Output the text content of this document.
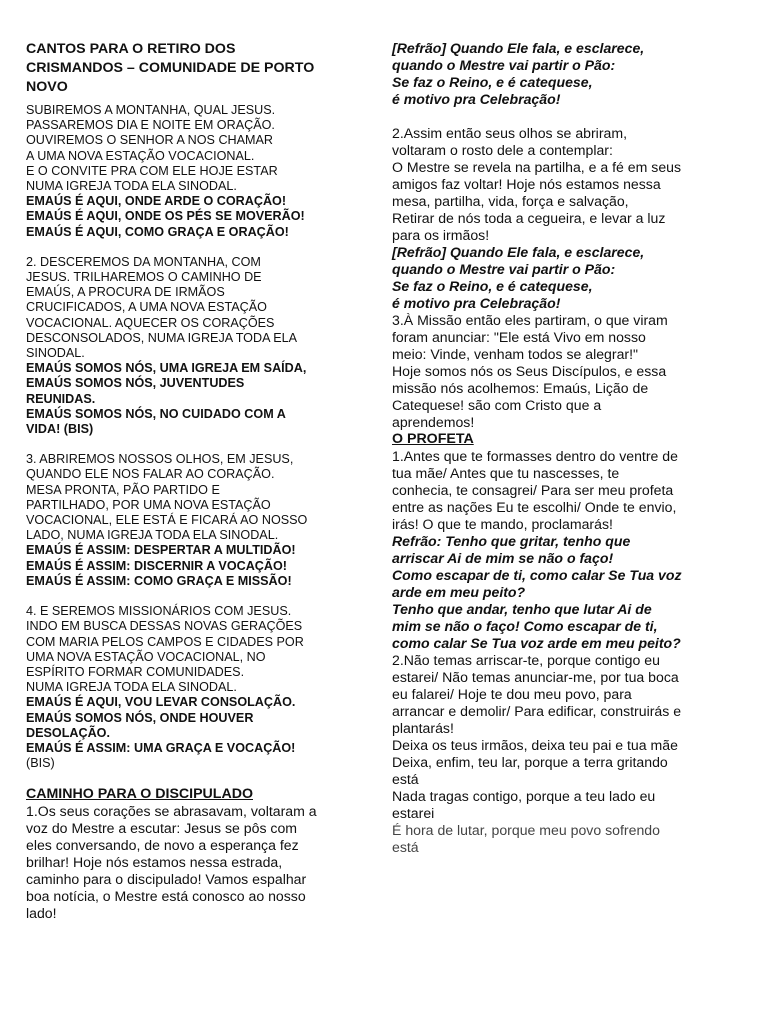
CANTOS PARA O RETIRO DOS
CRISMANDOS – COMUNIDADE DE PORTO
NOVO
SUBIREMOS A MONTANHA, QUAL JESUS.
PASSAREMOS DIA E NOITE EM ORAÇÃO.
OUVIREMOS O SENHOR A NOS CHAMAR
A UMA NOVA ESTAÇÃO VOCACIONAL.
E O CONVITE PRA COM ELE HOJE ESTAR
NUMA IGREJA TODA ELA SINODAL.
EMAÚS É AQUI, ONDE ARDE O CORAÇÃO!
EMAÚS É AQUI, ONDE OS PÉS SE MOVERÃO!
EMAÚS É AQUI, COMO GRAÇA E ORAÇÃO!
2. DESCEREMOS DA MONTANHA, COM
JESUS. TRILHAREMOS O CAMINHO DE
EMAÚS, A PROCURA DE IRMÃOS
CRUCIFICADOS, A UMA NOVA ESTAÇÃO
VOCACIONAL. AQUECER OS CORAÇÕES
DESCONSOLADOS, NUMA IGREJA TODA ELA
SINODAL.
EMAÚS SOMOS NÓS, UMA IGREJA EM SAÍDA,
EMAÚS SOMOS NÓS, JUVENTUDES
REUNIDAS.
EMAÚS SOMOS NÓS, NO CUIDADO COM A
VIDA! (BIS)
3. ABRIREMOS NOSSOS OLHOS, EM JESUS,
QUANDO ELE NOS FALAR AO CORAÇÃO.
MESA PRONTA, PÃO PARTIDO E
PARTILHADO, POR UMA NOVA ESTAÇÃO
VOCACIONAL, ELE ESTÁ E FICARÁ AO NOSSO
LADO, NUMA IGREJA TODA ELA SINODAL.
EMAÚS É ASSIM: DESPERTAR A MULTIDÃO!
EMAÚS É ASSIM: DISCERNIR A VOCAÇÃO!
EMAÚS É ASSIM: COMO GRAÇA E MISSÃO!
4. E SEREMOS MISSIONÁRIOS COM JESUS.
INDO EM BUSCA DESSAS NOVAS GERAÇÕES
COM MARIA PELOS CAMPOS E CIDADES POR
UMA NOVA ESTAÇÃO VOCACIONAL, NO
ESPÍRITO FORMAR COMUNIDADES.
NUMA IGREJA TODA ELA SINODAL.
EMAÚS É AQUI, VOU LEVAR CONSOLAÇÃO.
EMAÚS SOMOS NÓS, ONDE HOUVER
DESOLAÇÃO.
EMAÚS É ASSIM: UMA GRAÇA E VOCAÇÃO!
(BIS)
CAMINHO PARA O DISCIPULADO
1.Os seus corações se abrasavam, voltaram a
voz do Mestre a escutar: Jesus se pôs com
eles conversando, de novo a esperança fez
brilhar! Hoje nós estamos nessa estrada,
caminho para o discipulado! Vamos espalhar
boa notícia, o Mestre está conosco ao nosso
lado!
[Refrão] Quando Ele fala, e esclarece,
quando o Mestre vai partir o Pão:
Se faz o Reino, e é catequese,
é motivo pra Celebração!
2.Assim então seus olhos se abriram,
voltaram o rosto dele a contemplar:
O Mestre se revela na partilha, e a fé em seus
amigos faz voltar! Hoje nós estamos nessa
mesa, partilha, vida, força e salvação,
Retirar de nós toda a cegueira, e levar a luz
para os irmãos!
[Refrão] Quando Ele fala, e esclarece,
quando o Mestre vai partir o Pão:
Se faz o Reino, e é catequese,
é motivo pra Celebração!
3.À Missão então eles partiram, o que viram
foram anunciar: "Ele está Vivo em nosso
meio: Vinde, venham todos se alegrar!"
Hoje somos nós os Seus Discípulos, e essa
missão nós acolhemos: Emaús, Lição de
Catequese! são com Cristo que a
aprendemos!
O PROFETA
1.Antes que te formasses dentro do ventre de
tua mãe/ Antes que tu nascesses, te
conhecia, te consagrei/ Para ser meu profeta
entre as nações Eu te escolhi/ Onde te envio,
irás! O que te mando, proclamarás!
Refrão: Tenho que gritar, tenho que
arriscar Ai de mim se não o faço!
Como escapar de ti, como calar Se Tua voz
arde em meu peito?
Tenho que andar, tenho que lutar Ai de
mim se não o faço! Como escapar de ti,
como calar Se Tua voz arde em meu peito?
2.Não temas arriscar-te, porque contigo eu
estarei/ Não temas anunciar-me, por tua boca
eu falarei/ Hoje te dou meu povo, para
arrancar e demolir/ Para edificar, construirás e
plantarás!
Deixa os teus irmãos, deixa teu pai e tua mãe
Deixa, enfim, teu lar, porque a terra gritando
está
Nada tragas contigo, porque a teu lado eu
estarei
É hora de lutar, porque meu povo sofrendo
está
